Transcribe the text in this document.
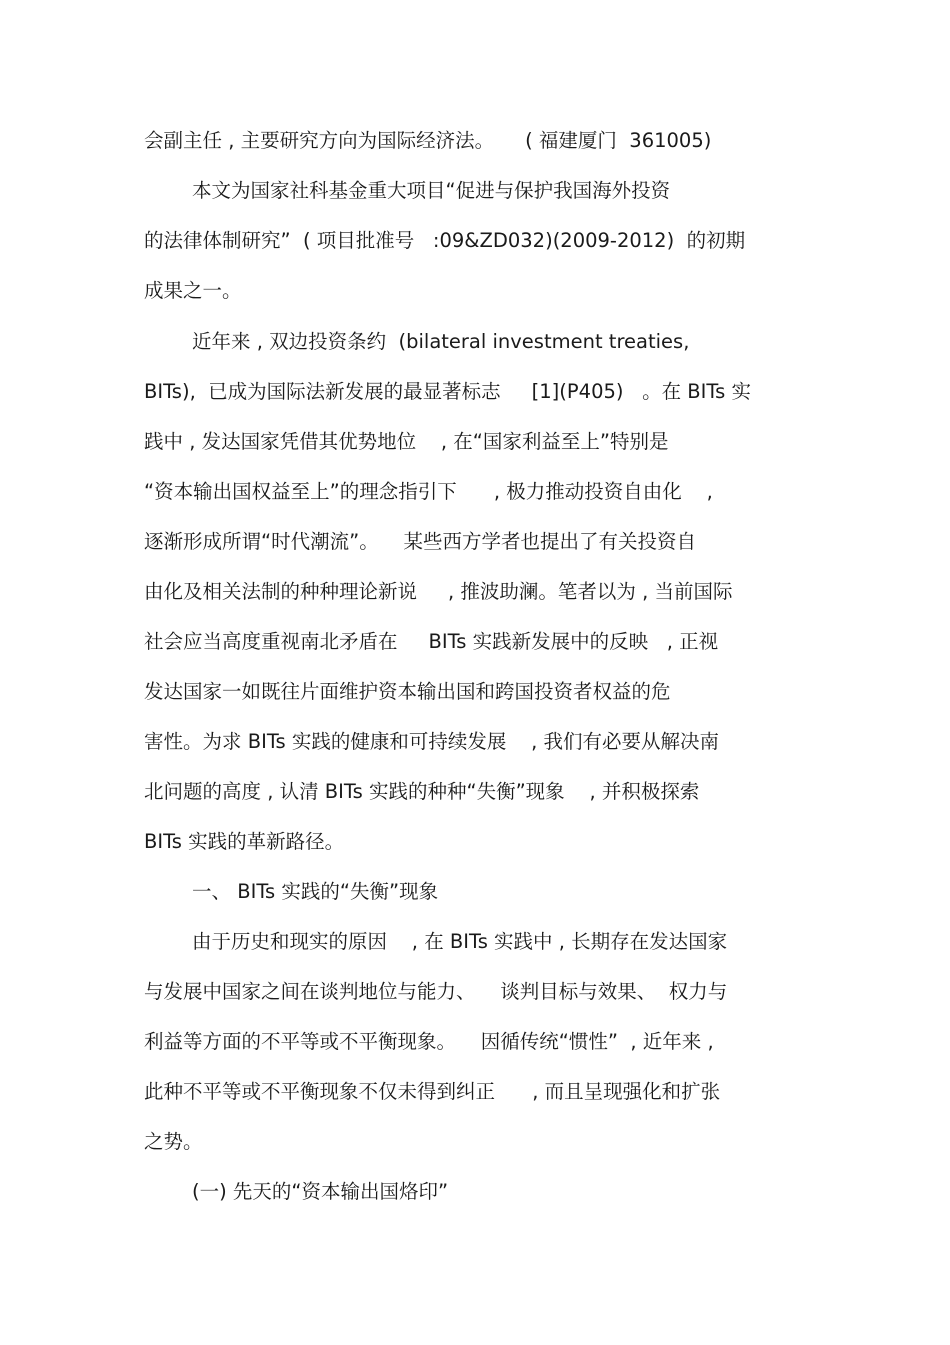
会副主任 , 主要研究方向为国际经济法。     ( 福建厦门  361005)
本文为国家社科基金重大项目“促进与保护我国海外投资
的法律体制研究”  ( 项目批准号   :09&ZD032)(2009-2012)  的初期
成果之一。
近年来 , 双边投资条约  (bilateral investment treaties,
BITs),  已成为国际法新发展的最显著标志     [1](P405)   。在 BITs 实
践中 , 发达国家凭借其优势地位    , 在“国家利益至上”特别是
“资本输出国权益至上”的理念指引下      , 极力推动投资自由化    ,
逐渐形成所谓“时代潮流”。    某些西方学者也提出了有关投资自
由化及相关法制的种种理论新说     , 推波助澜。笔者以为 , 当前国际
社会应当高度重视南北矛盾在     BITs 实践新发展中的反映   , 正视
发达国家一如既往片面维护资本输出国和跨国投资者权益的危
害性。为求 BITs 实践的健康和可持续发展    , 我们有必要从解决南
北问题的高度 , 认清 BITs 实践的种种“失衡”现象    , 并积极探索
BITs 实践的革新路径。
一、 BITs 实践的“失衡”现象
由于历史和现实的原因    , 在 BITs 实践中 , 长期存在发达国家
与发展中国家之间在谈判地位与能力、    谈判目标与效果、  权力与
利益等方面的不平等或不平衡现象。    因循传统“惯性”  , 近年来 ,
此种不平等或不平衡现象不仅未得到纠正      , 而且呈现强化和扩张
之势。
(一) 先天的“资本输出国烙印”
